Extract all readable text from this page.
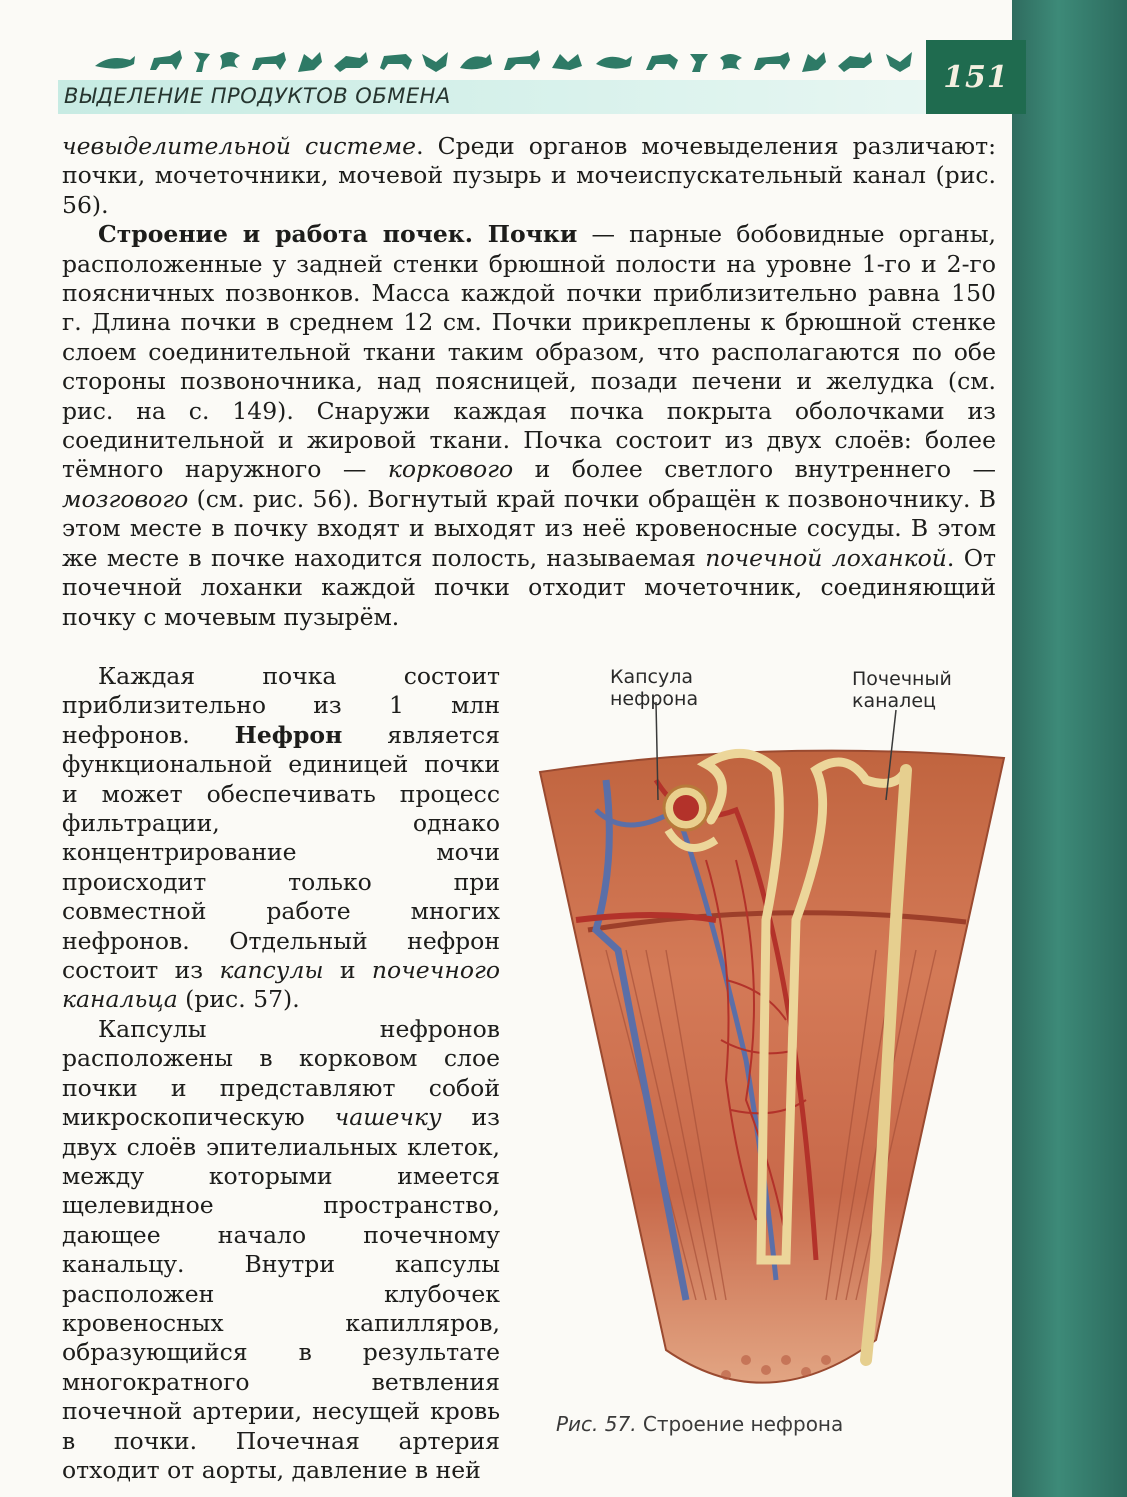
151
ВЫДЕЛЕНИЕ ПРОДУКТОВ ОБМЕНА

чевыделительной системе. Среди органов мочевыделения различают: почки, мочеточники, мочевой пузырь и мочеиспускательный канал (рис. 56).

Строение и работа почек. Почки — парные бобовидные органы, расположенные у задней стенки брюшной полости на уровне 1-го и 2-го поясничных позвонков. Масса каждой почки приблизительно равна 150 г. Длина почки в среднем 12 см. Почки прикреплены к брюшной стенке слоем соединительной ткани таким образом, что располагаются по обе стороны позвоночника, над поясницей, позади печени и желудка (см. рис. на с. 149). Снаружи каждая почка покрыта оболочками из соединительной и жировой ткани. Почка состоит из двух слоёв: более тёмного наружного — коркового и более светлого внутреннего — мозгового (см. рис. 56). Вогнутый край почки обращён к позвоночнику. В этом месте в почку входят и выходят из неё кровеносные сосуды. В этом же месте в почке находится полость, называемая почечной лоханкой. От почечной лоханки каждой почки отходит мочеточник, соединяющий почку с мочевым пузырём.

Каждая почка состоит приблизительно из 1 млн нефронов. Нефрон является функциональной единицей почки и может обеспечивать процесс фильтрации, однако концентрирование мочи происходит только при совместной работе многих нефронов. Отдельный нефрон состоит из капсулы и почечного канальца (рис. 57).

Капсулы нефронов расположены в корковом слое почки и представляют собой микроскопическую чашечку из двух слоёв эпителиальных клеток, между которыми имеется щелевидное пространство, дающее начало почечному канальцу. Внутри капсулы расположен клубочек кровеносных капилляров, образующийся в результате многократного ветвления почечной артерии, несущей кровь в почки. Почечная артерия отходит от аорты, давление в ней

Капсула
нефрона
Почечный
каналец
Рис. 57. Строение нефрона
